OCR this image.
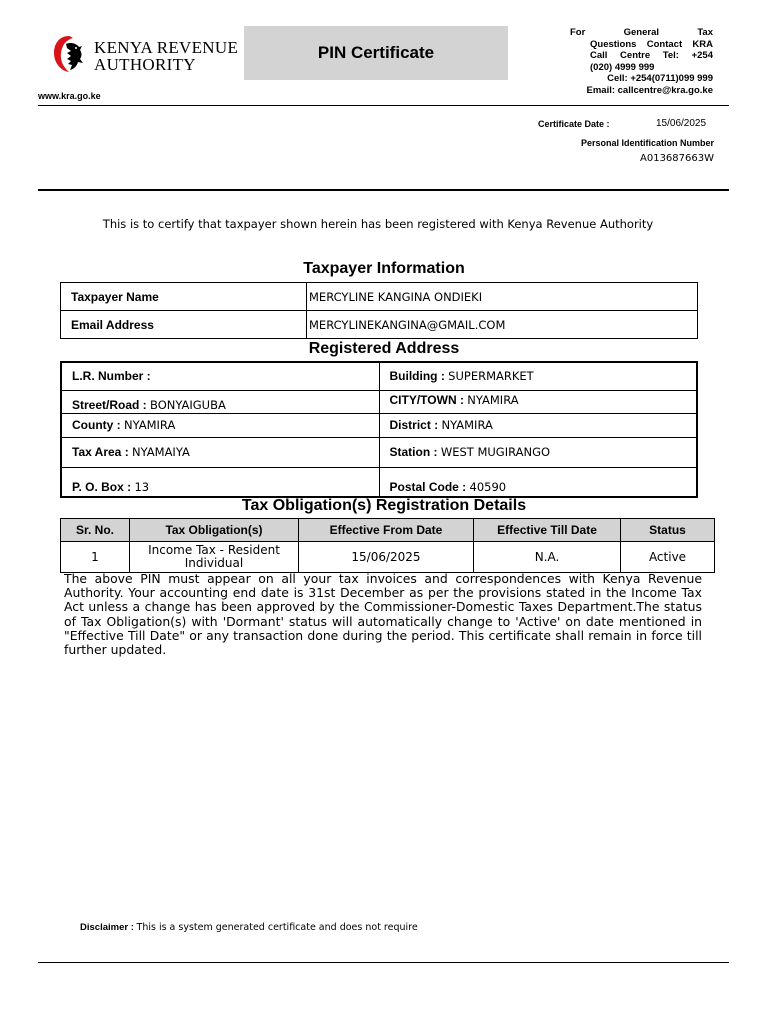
KENYA REVENUE
AUTHORITY
www.kra.go.ke
PIN Certificate
For General Tax
Questions Contact KRA
Call Centre Tel: +254
(020) 4999 999
Cell: +254(0711)099 999
Email: callcentre@kra.go.ke
Certificate Date :	15/06/2025
Personal Identification Number
A013687663W
This is to certify that taxpayer shown herein has been registered with Kenya Revenue Authority
Taxpayer Information
Taxpayer Name	MERCYLINE KANGINA ONDIEKI
Email Address	MERCYLINEKANGINA@GMAIL.COM
Registered Address
L.R. Number :	Building : SUPERMARKET
Street/Road : BONYAIGUBA	CITY/TOWN : NYAMIRA
County : NYAMIRA	District : NYAMIRA
Tax Area : NYAMAIYA	Station : WEST MUGIRANGO
P. O. Box : 13	Postal Code : 40590
Tax Obligation(s) Registration Details
Sr. No.	Tax Obligation(s)	Effective From Date	Effective Till Date	Status
1	Income Tax - Resident Individual	15/06/2025	N.A.	Active
The above PIN must appear on all your tax invoices and correspondences with Kenya Revenue Authority. Your accounting end date is 31st December as per the provisions stated in the Income Tax Act unless a change has been approved by the Commissioner-Domestic Taxes Department.The status of Tax Obligation(s) with 'Dormant' status will automatically change to 'Active' on date mentioned in "Effective Till Date" or any transaction done during the period. This certificate shall remain in force till further updated.
Disclaimer : This is a system generated certificate and does not require
